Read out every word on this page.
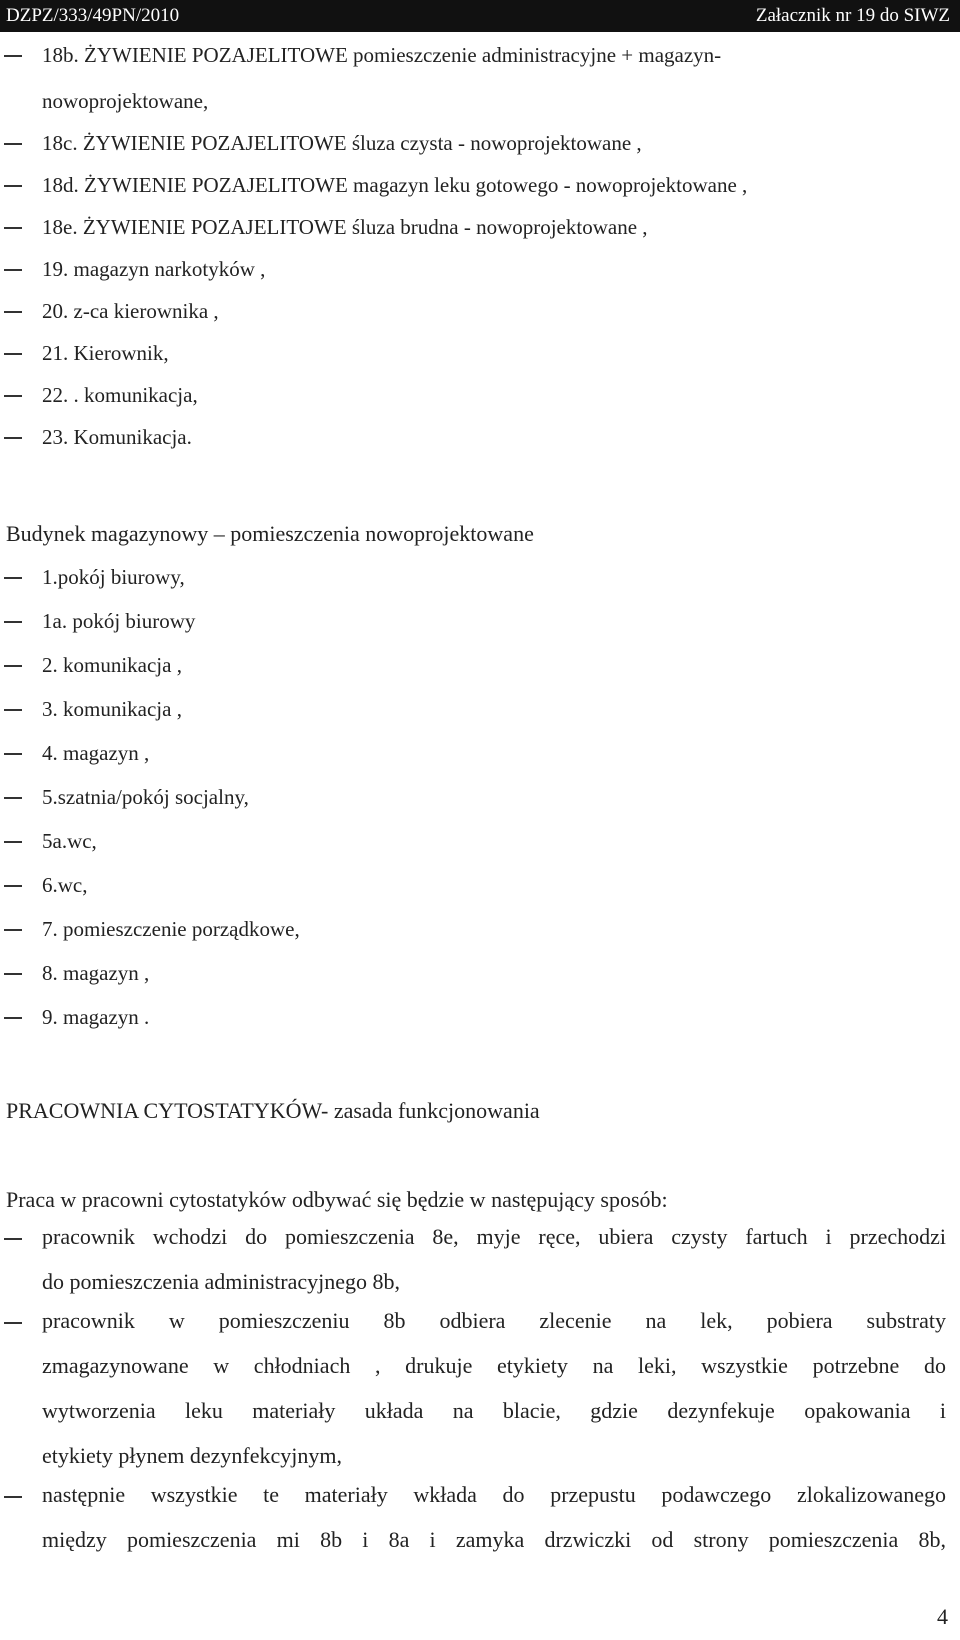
DZPZ/333/49PN/2010	Załacznik nr 19 do SIWZ
18b. ŻYWIENIE POZAJELITOWE pomieszczenie administracyjne + magazyn-
nowoprojektowane,
18c. ŻYWIENIE POZAJELITOWE śluza czysta - nowoprojektowane ,
18d. ŻYWIENIE POZAJELITOWE magazyn leku gotowego - nowoprojektowane ,
18e. ŻYWIENIE POZAJELITOWE śluza brudna - nowoprojektowane ,
19. magazyn narkotyków ,
20. z-ca kierownika ,
21. Kierownik,
22. . komunikacja,
23. Komunikacja.
Budynek magazynowy ‒ pomieszczenia nowoprojektowane
1.pokój biurowy,
1a. pokój biurowy
2. komunikacja ,
3. komunikacja ,
4. magazyn ,
5.szatnia/pokój socjalny,
5a.wc,
6.wc,
7. pomieszczenie porządkowe,
8. magazyn ,
9. magazyn .
PRACOWNIA CYTOSTATYKÓW- zasada funkcjonowania
Praca w pracowni cytostatyków odbywać się będzie w następujący sposób:
pracownik wchodzi do pomieszczenia 8e, myje ręce, ubiera czysty fartuch i przechodzi
do pomieszczenia administracyjnego 8b,
pracownik w pomieszczeniu 8b odbiera zlecenie na lek, pobiera substraty
zmagazynowane w chłodniach , drukuje etykiety na leki, wszystkie potrzebne do
wytworzenia leku materiały układa na blacie, gdzie dezynfekuje opakowania i
etykiety płynem dezynfekcyjnym,
następnie wszystkie te materiały wkłada do przepustu podawczego zlokalizowanego
między pomieszczenia mi 8b i 8a i zamyka drzwiczki od strony pomieszczenia 8b,
4
